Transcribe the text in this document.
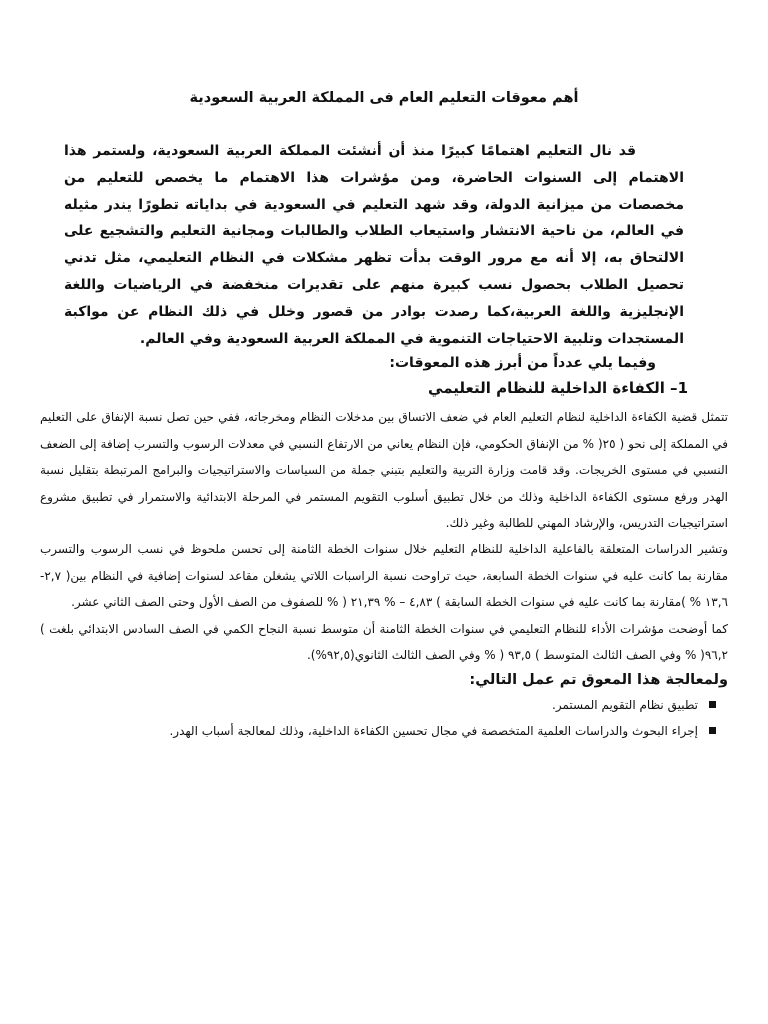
أهم معوقات التعليم العام فى المملكة العربية السعودية

قد نال التعليم اهتمامًا كبيرًا منذ أن أنشئت المملكة العربية السعودية، ولستمر هذا الاهتمام إلى السنوات الحاضرة، ومن مؤشرات هذا الاهتمام ما يخصص للتعليم من مخصصات من ميزانية الدولة، وقد شهد التعليم في السعودية في بداياته تطورًا يندر مثيله في العالم، من ناحية الانتشار واستيعاب الطلاب والطالبات ومجانية التعليم والتشجيع على الالتحاق به، إلا أنه مع مرور الوقت بدأت تظهر مشكلات في النظام التعليمي، مثل تدني تحصيل الطلاب بحصول نسب كبيرة منهم على تقديرات منخفضة في الرياضيات واللغة الإنجليزية واللغة العربية،كما رصدت بوادر من قصور وخلل في ذلك النظام عن مواكبة المستجدات وتلبية الاحتياجات التنموية في المملكة العربية السعودية وفي العالم.

وفيما يلي عدداً من أبرز هذه المعوقات:

1– الكفاءة الداخلية للنظام التعليمي

تتمثل قضية الكفاءة الداخلية لنظام التعليم العام في ضعف الاتساق بين مدخلات النظام ومخرجاته، ففي حين تصل نسبة الإنفاق على التعليم في المملكة إلى نحو ( ٢٥( % من الإنفاق الحكومي، فإن النظام يعاني من الارتفاع النسبي في معدلات الرسوب والتسرب إضافة إلى الضعف النسبي في مستوى الخريجات. وقد قامت وزارة التربية والتعليم بتبني جملة من السياسات والاستراتيجيات والبرامج المرتبطة بتقليل نسبة الهدر ورفع مستوى الكفاءة الداخلية وذلك من خلال تطبيق أسلوب التقويم المستمر في المرحلة الابتدائية والاستمرار في تطبيق مشروع استراتيجيات التدريس، والإرشاد المهني للطالبة وغير ذلك.

وتشير الدراسات المتعلقة بالفاعلية الداخلية للنظام التعليم خلال سنوات الخطة الثامنة إلى تحسن ملحوظ في نسب الرسوب والتسرب مقارنة بما كانت عليه في سنوات الخطة السابعة، حيث تراوحت نسبة الراسبات اللاتي يشغلن مقاعد لسنوات إضافية في النظام بين( ٢,٧- ١٣,٦ % )مقارنة بما كانت عليه في سنوات الخطة السابقة ) ٤,٨٣ – % ٢١,٣٩ ( % للصفوف من الصف الأول وحتى الصف الثاني عشر.

كما أوضحت مؤشرات الأداء للنظام التعليمي في سنوات الخطة الثامنة أن متوسط نسبة النجاح الكمي في الصف السادس الابتدائي بلغت ) ٩٦,٢( % وفي الصف الثالث المتوسط ) ٩٣,٥ ( % وفي الصف الثالث الثانوي(٩٢,٥%).

ولمعالجة هذا المعوق تم عمل التالي:
تطبيق نظام التقويم المستمر.
إجراء البحوث والدراسات العلمية المتخصصة في مجال تحسين الكفاءة الداخلية، وذلك لمعالجة أسباب الهدر.
